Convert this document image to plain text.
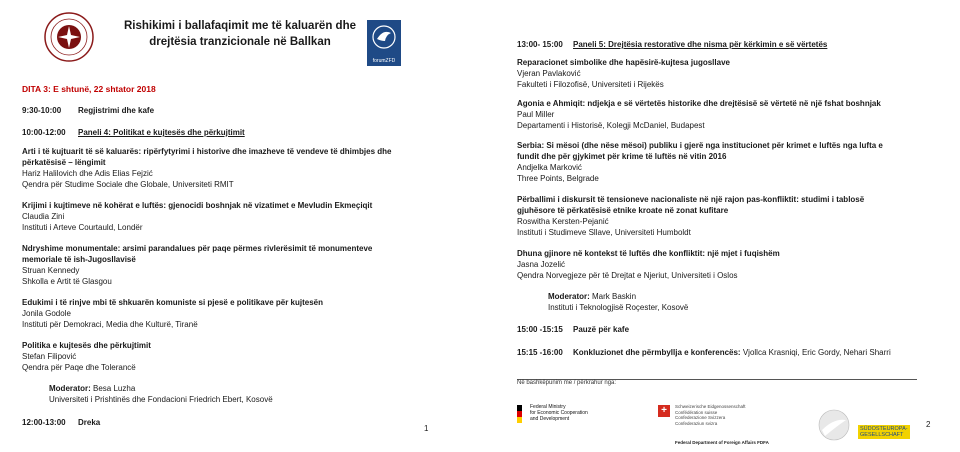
Rishikimi i ballafaqimit me të kaluarën dhe
drejtësia tranzicionale në Ballkan
forumZFD
DITA 3: E shtunë, 22 shtator 2018
9:30-10:00 Regjistrimi dhe kafe
10:00-12:00 Paneli 4: Politikat e kujtesës dhe përkujtimit
Arti i të kujtuarit të së kaluarës: ripërfytyrimi i historive dhe imazheve të vendeve të dhimbjes dhe
përkatësisë – lëngimit
Hariz Halilovich dhe Adis Elias Fejzić
Qendra për Studime Sociale dhe Globale, Universiteti RMIT
Krijimi i kujtimeve në kohërat e luftës: gjenocidi boshnjak në vizatimet e Mevludin Ekmeçiqit
Claudia Zini
Instituti i Arteve Courtauld, Londër
Ndryshime monumentale: arsimi parandalues për paqe përmes rivlerësimit të monumenteve
memoriale të ish-Jugosllavisë
Struan Kennedy
Shkolla e Artit të Glasgou
Edukimi i të rinjve mbi të shkuarën komuniste si pjesë e politikave për kujtesën
Jonila Godole
Instituti për Demokraci, Media dhe Kulturë, Tiranë
Politika e kujtesës dhe përkujtimit
Stefan Filipović
Qendra për Paqe dhe Tolerancë
Moderator: Besa Luzha
Universiteti i Prishtinës dhe Fondacioni Friedrich Ebert, Kosovë
12:00-13:00 Dreka
1
13:00- 15:00 Paneli 5: Drejtësia restorative dhe nisma për kërkimin e së vërtetës
Reparacionet simbolike dhe hapësirë-kujtesa jugosllave
Vjeran Pavlaković
Fakulteti i Filozofisë, Universiteti i Rijekës
Agonia e Ahmiqit: ndjekja e së vërtetës historike dhe drejtësisë së vërtetë në një fshat boshnjak
Paul Miller
Departamenti i Historisë, Kolegji McDaniel, Budapest
Serbia: Si mësoi (dhe nëse mësoi) publiku i gjerë nga institucionet për krimet e luftës nga lufta e
fundit dhe për gjykimet për krime të luftës në vitin 2016
Andjelka Marković
Three Points, Belgrade
Përballimi i diskursit të tensioneve nacionaliste në një rajon pas-konfliktit: studimi i tablosë
gjuhësore të përkatësisë etnike kroate në zonat kufitare
Roswitha Kersten-Pejanić
Instituti i Studimeve Sllave, Universiteti Humboldt
Dhuna gjinore në kontekst të luftës dhe konfliktit: një mjet i fuqishëm
Jasna Jozelić
Qendra Norvegjeze për të Drejtat e Njeriut, Universiteti i Oslos
Moderator: Mark Baskin
Instituti i Teknologjisë Roçester, Kosovë
15:00 -15:15 Pauzë për kafe
15:15 -16:00 Konkluzionet dhe përmbyllja e konferencës: Vjollca Krasniqi, Eric Gordy, Nehari Sharri
Në bashkëpunim me / përkrahur nga:
Federal Ministry
for Economic Cooperation
and Development
+	Schweizerische Eidgenossenschaft
Confédération suisse
Confederazione Svizzera
Confederaziun svizra
Federal Department of Foreign Affairs FDFA
SÜDOSTEUROPA-
GESELLSCHAFT
2
